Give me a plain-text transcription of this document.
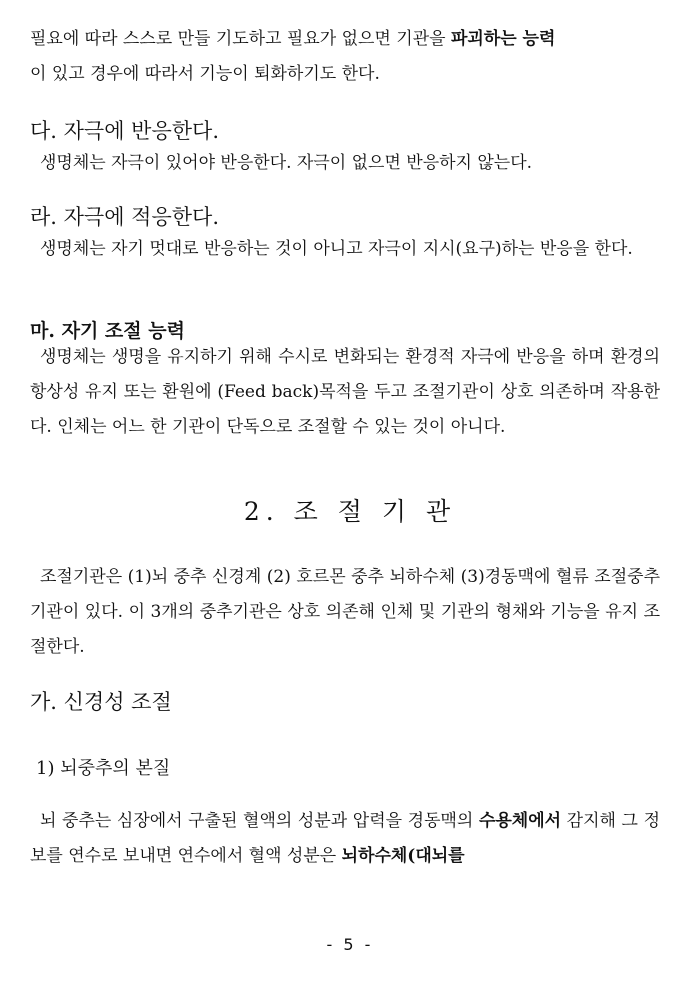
필요에 따라 스스로 만들 기도하고 필요가 없으면 기관을 파괴하는 능력
이 있고 경우에 따라서 기능이 퇴화하기도 한다.

다. 자극에 반응한다.

생명체는 자극이 있어야 반응한다. 자극이 없으면 반응하지 않는다.

라. 자극에 적응한다.

생명체는 자기 멋대로 반응하는 것이 아니고 자극이 지시(요구)하는 반응을 한다.

마. 자기 조절 능력

생명체는 생명을 유지하기 위해 수시로 변화되는 환경적 자극에 반응을 하며 환경의 항상성 유지 또는 환원에 (Feed back)목적을 두고 조절기관이 상호 의존하며 작용한다. 인체는 어느 한 기관이 단독으로 조절할 수 있는 것이 아니다.

2. 조 절 기 관

조절기관은 (1)뇌 중추 신경계 (2) 호르몬 중추 뇌하수체 (3)경동맥에 혈류 조절중추 기관이 있다. 이 3개의 중추기관은 상호 의존해 인체 및 기관의 형채와 기능을 유지 조절한다.

가. 신경성 조절
1) 뇌중추의 본질

뇌 중추는 심장에서 구출된 혈액의 성분과 압력을 경동맥의 수용체에서 감지해 그 정보를 연수로 보내면 연수에서 혈액 성분은 뇌하수체(대뇌를

- 5 -
